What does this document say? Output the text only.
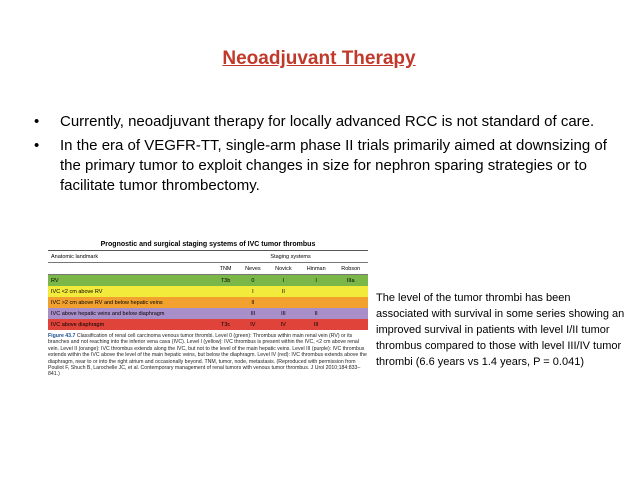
Neoadjuvant Therapy
• Currently, neoadjuvant therapy for locally advanced RCC is not standard of care.
• In the era of VEGFR-TT, single-arm phase II trials primarily aimed at downsizing of the primary tumor to exploit changes in size for nephron sparing strategies or to facilitate tumor thrombectomy.
Prognostic and surgical staging systems of IVC tumor thrombus
Anatomic landmark	Staging systems				
	TNM	Neves	Novick	Hinman	Robson
RV	T3b	0	I	I	IIIa
IVC <2 cm above RV		I	II		
IVC >2 cm above RV and below hepatic veins		II			
IVC above hepatic veins and below diaphragm		III	III	II	
IVC above diaphragm	T3c	IV	IV	III	
Figure 43.7 Classification of renal cell carcinoma venous tumor thrombi. Level 0 (green): Thrombus within main renal vein (RV) or its branches and not reaching into the inferior vena cava (IVC). Level I (yellow): IVC thrombus is present within the IVC, <2 cm above renal vein. Level II (orange): IVC thrombus extends along the IVC, but not to the level of the main hepatic veins. Level III (purple): IVC thrombus extends within the IVC above the level of the main hepatic veins, but below the diaphragm. Level IV (red): IVC thrombus extends above the diaphragm, near to or into the right atrium and occasionally beyond. TNM, tumor, node, metastasis. (Reproduced with permission from Pouliot F, Shuch B, Larochelle JC, et al. Contemporary management of renal tumors with venous tumor thrombus. J Urol 2010;184:833–841.)
The level of the tumor thrombi has been associated with survival in some series showing an improved survival in patients with level I/II tumor thrombus compared to those with level III/IV tumor thrombi (6.6 years vs 1.4 years, P = 0.041)
